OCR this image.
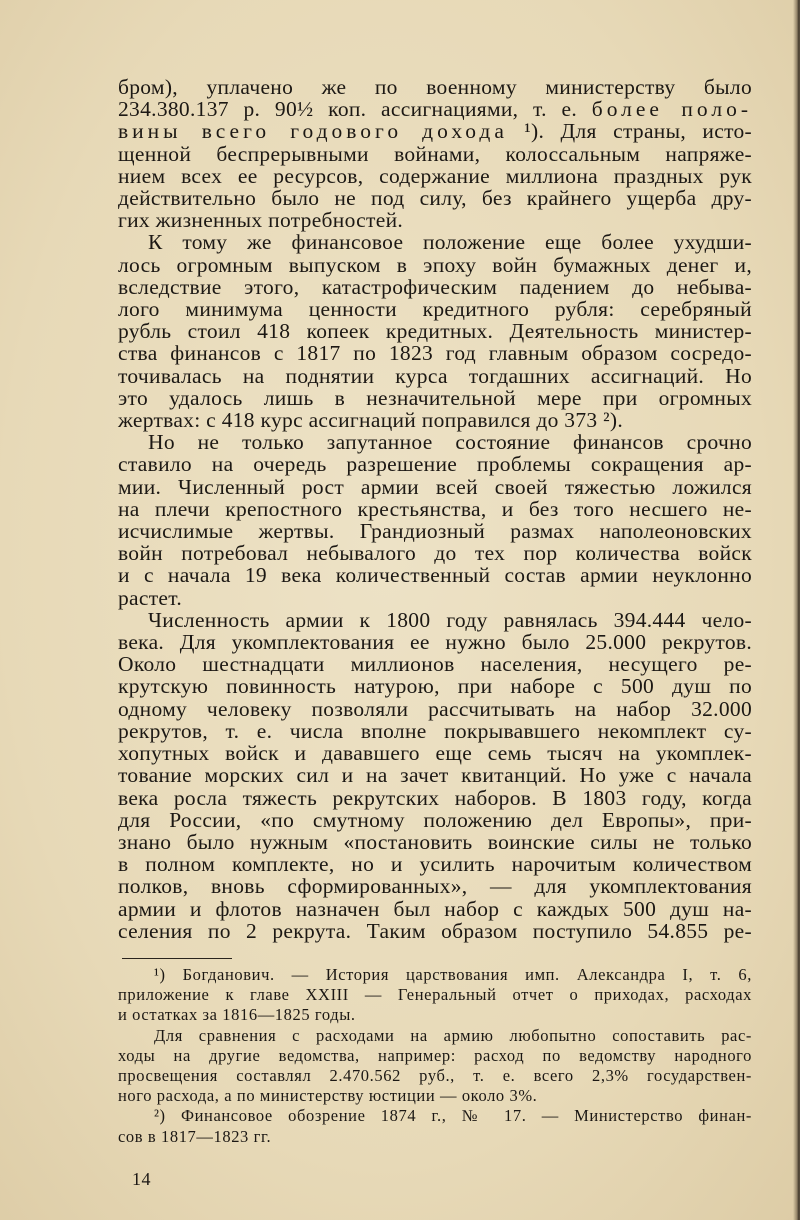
бром), уплачено же по военному министерству было
234.380.137 р. 90½ коп. ассигнациями, т. е. более поло-
вины всего годового дохода ¹). Для страны, исто-
щенной беспрерывными войнами, колоссальным напряже-
нием всех ее ресурсов, содержание миллиона праздных рук
действительно было не под силу, без крайнего ущерба дру-
гих жизненных потребностей.
К тому же финансовое положение еще более ухудши-
лось огромным выпуском в эпоху войн бумажных денег и,
вследствие этого, катастрофическим падением до небыва-
лого минимума ценности кредитного рубля: серебряный
рубль стоил 418 копеек кредитных. Деятельность министер-
ства финансов с 1817 по 1823 год главным образом сосредо-
точивалась на поднятии курса тогдашних ассигнаций. Но
это удалось лишь в незначительной мере при огромных
жертвах: с 418 курс ассигнаций поправился до 373 ²).
Но не только запутанное состояние финансов срочно
ставило на очередь разрешение проблемы сокращения ар-
мии. Численный рост армии всей своей тяжестью ложился
на плечи крепостного крестьянства, и без того несшего не-
исчислимые жертвы. Грандиозный размах наполеоновских
войн потребовал небывалого до тех пор количества войск
и с начала 19 века количественный состав армии неуклонно
растет.
Численность армии к 1800 году равнялась 394.444 чело-
века. Для укомплектования ее нужно было 25.000 рекрутов.
Около шестнадцати миллионов населения, несущего ре-
крутскую повинность натурою, при наборе с 500 душ по
одному человеку позволяли рассчитывать на набор 32.000
рекрутов, т. е. числа вполне покрывавшего некомплект су-
хопутных войск и дававшего еще семь тысяч на укомплек-
тование морских сил и на зачет квитанций. Но уже с начала
века росла тяжесть рекрутских наборов. В 1803 году, когда
для России, «по смутному положению дел Европы», при-
знано было нужным «постановить воинские силы не только
в полном комплекте, но и усилить нарочитым количеством
полков, вновь сформированных», — для укомплектования
армии и флотов назначен был набор с каждых 500 душ на-
селения по 2 рекрута. Таким образом поступило 54.855 ре-
¹) Богданович. — История царствования имп. Александра I, т. 6,
приложение к главе XXIII — Генеральный отчет о приходах, расходах
и остатках за 1816—1825 годы.
Для сравнения с расходами на армию любопытно сопоставить рас-
ходы на другие ведомства, например: расход по ведомству народного
просвещения составлял 2.470.562 руб., т. е. всего 2,3% государствен-
ного расхода, а по министерству юстиции — около 3%.
²) Финансовое обозрение 1874 г., № 17. — Министерство финан-
сов в 1817—1823 гг.
14
